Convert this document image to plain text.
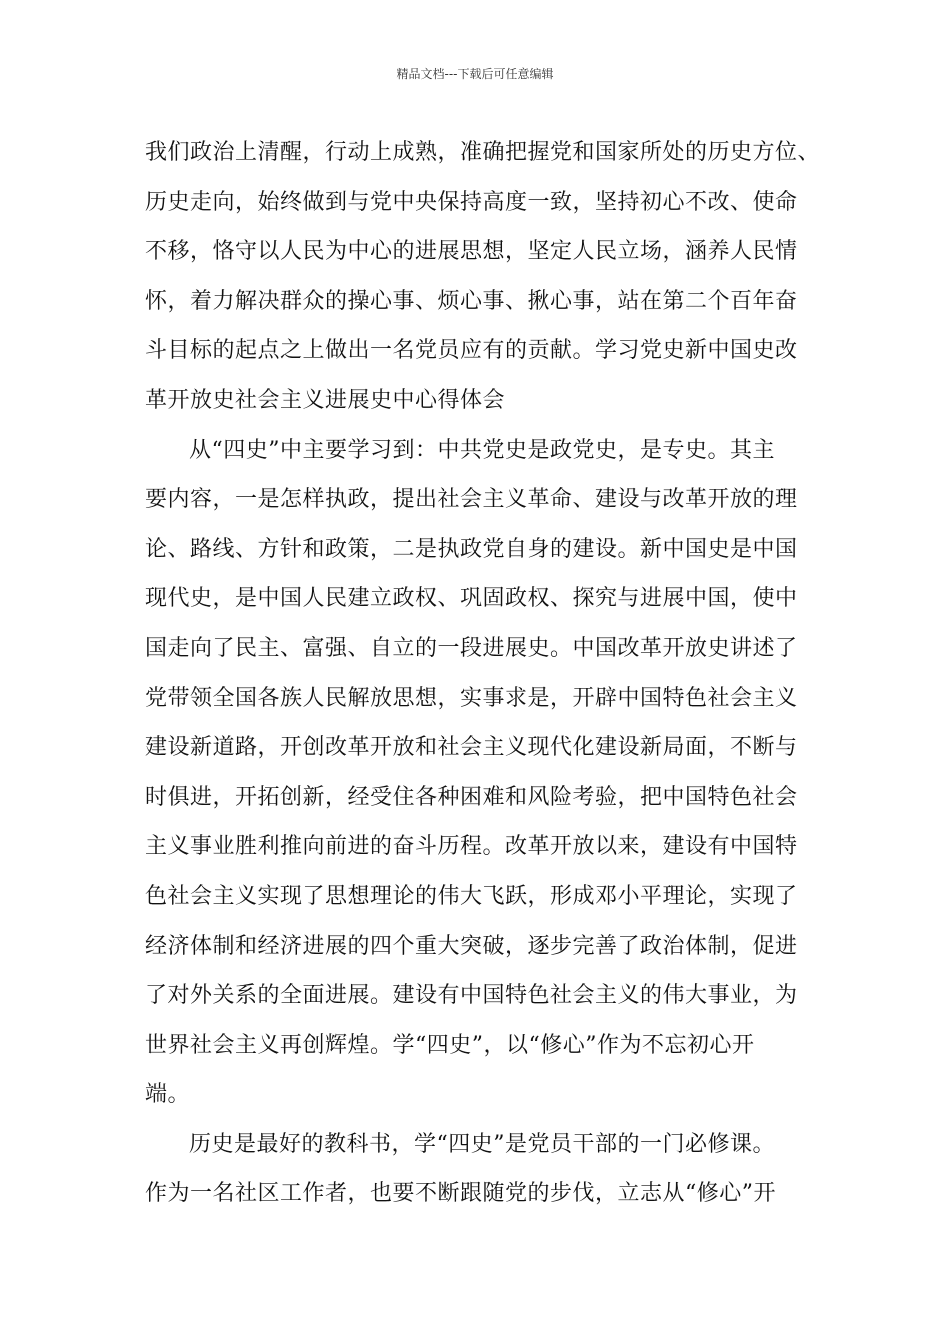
精品文档---下载后可任意编辑
我们政治上清醒，行动上成熟，准确把握党和国家所处的历史方位、
历史走向，始终做到与党中央保持高度一致，坚持初心不改、使命
不移，恪守以人民为中心的进展思想，坚定人民立场，涵养人民情
怀，着力解决群众的操心事、烦心事、揪心事，站在第二个百年奋
斗目标的起点之上做出一名党员应有的贡献。学习党史新中国史改
革开放史社会主义进展史中心得体会
从“四史”中主要学习到：中共党史是政党史，是专史。其主
要内容，一是怎样执政，提出社会主义革命、建设与改革开放的理
论、路线、方针和政策，二是执政党自身的建设。新中国史是中国
现代史，是中国人民建立政权、巩固政权、探究与进展中国，使中
国走向了民主、富强、自立的一段进展史。中国改革开放史讲述了
党带领全国各族人民解放思想，实事求是，开辟中国特色社会主义
建设新道路，开创改革开放和社会主义现代化建设新局面，不断与
时俱进，开拓创新，经受住各种困难和风险考验，把中国特色社会
主义事业胜利推向前进的奋斗历程。改革开放以来，建设有中国特
色社会主义实现了思想理论的伟大飞跃，形成邓小平理论，实现了
经济体制和经济进展的四个重大突破，逐步完善了政治体制，促进
了对外关系的全面进展。建设有中国特色社会主义的伟大事业，为
世界社会主义再创辉煌。学“四史”，以“修心”作为不忘初心开
端。
历史是最好的教科书，学“四史”是党员干部的一门必修课。
作为一名社区工作者，也要不断跟随党的步伐，立志从“修心”开
